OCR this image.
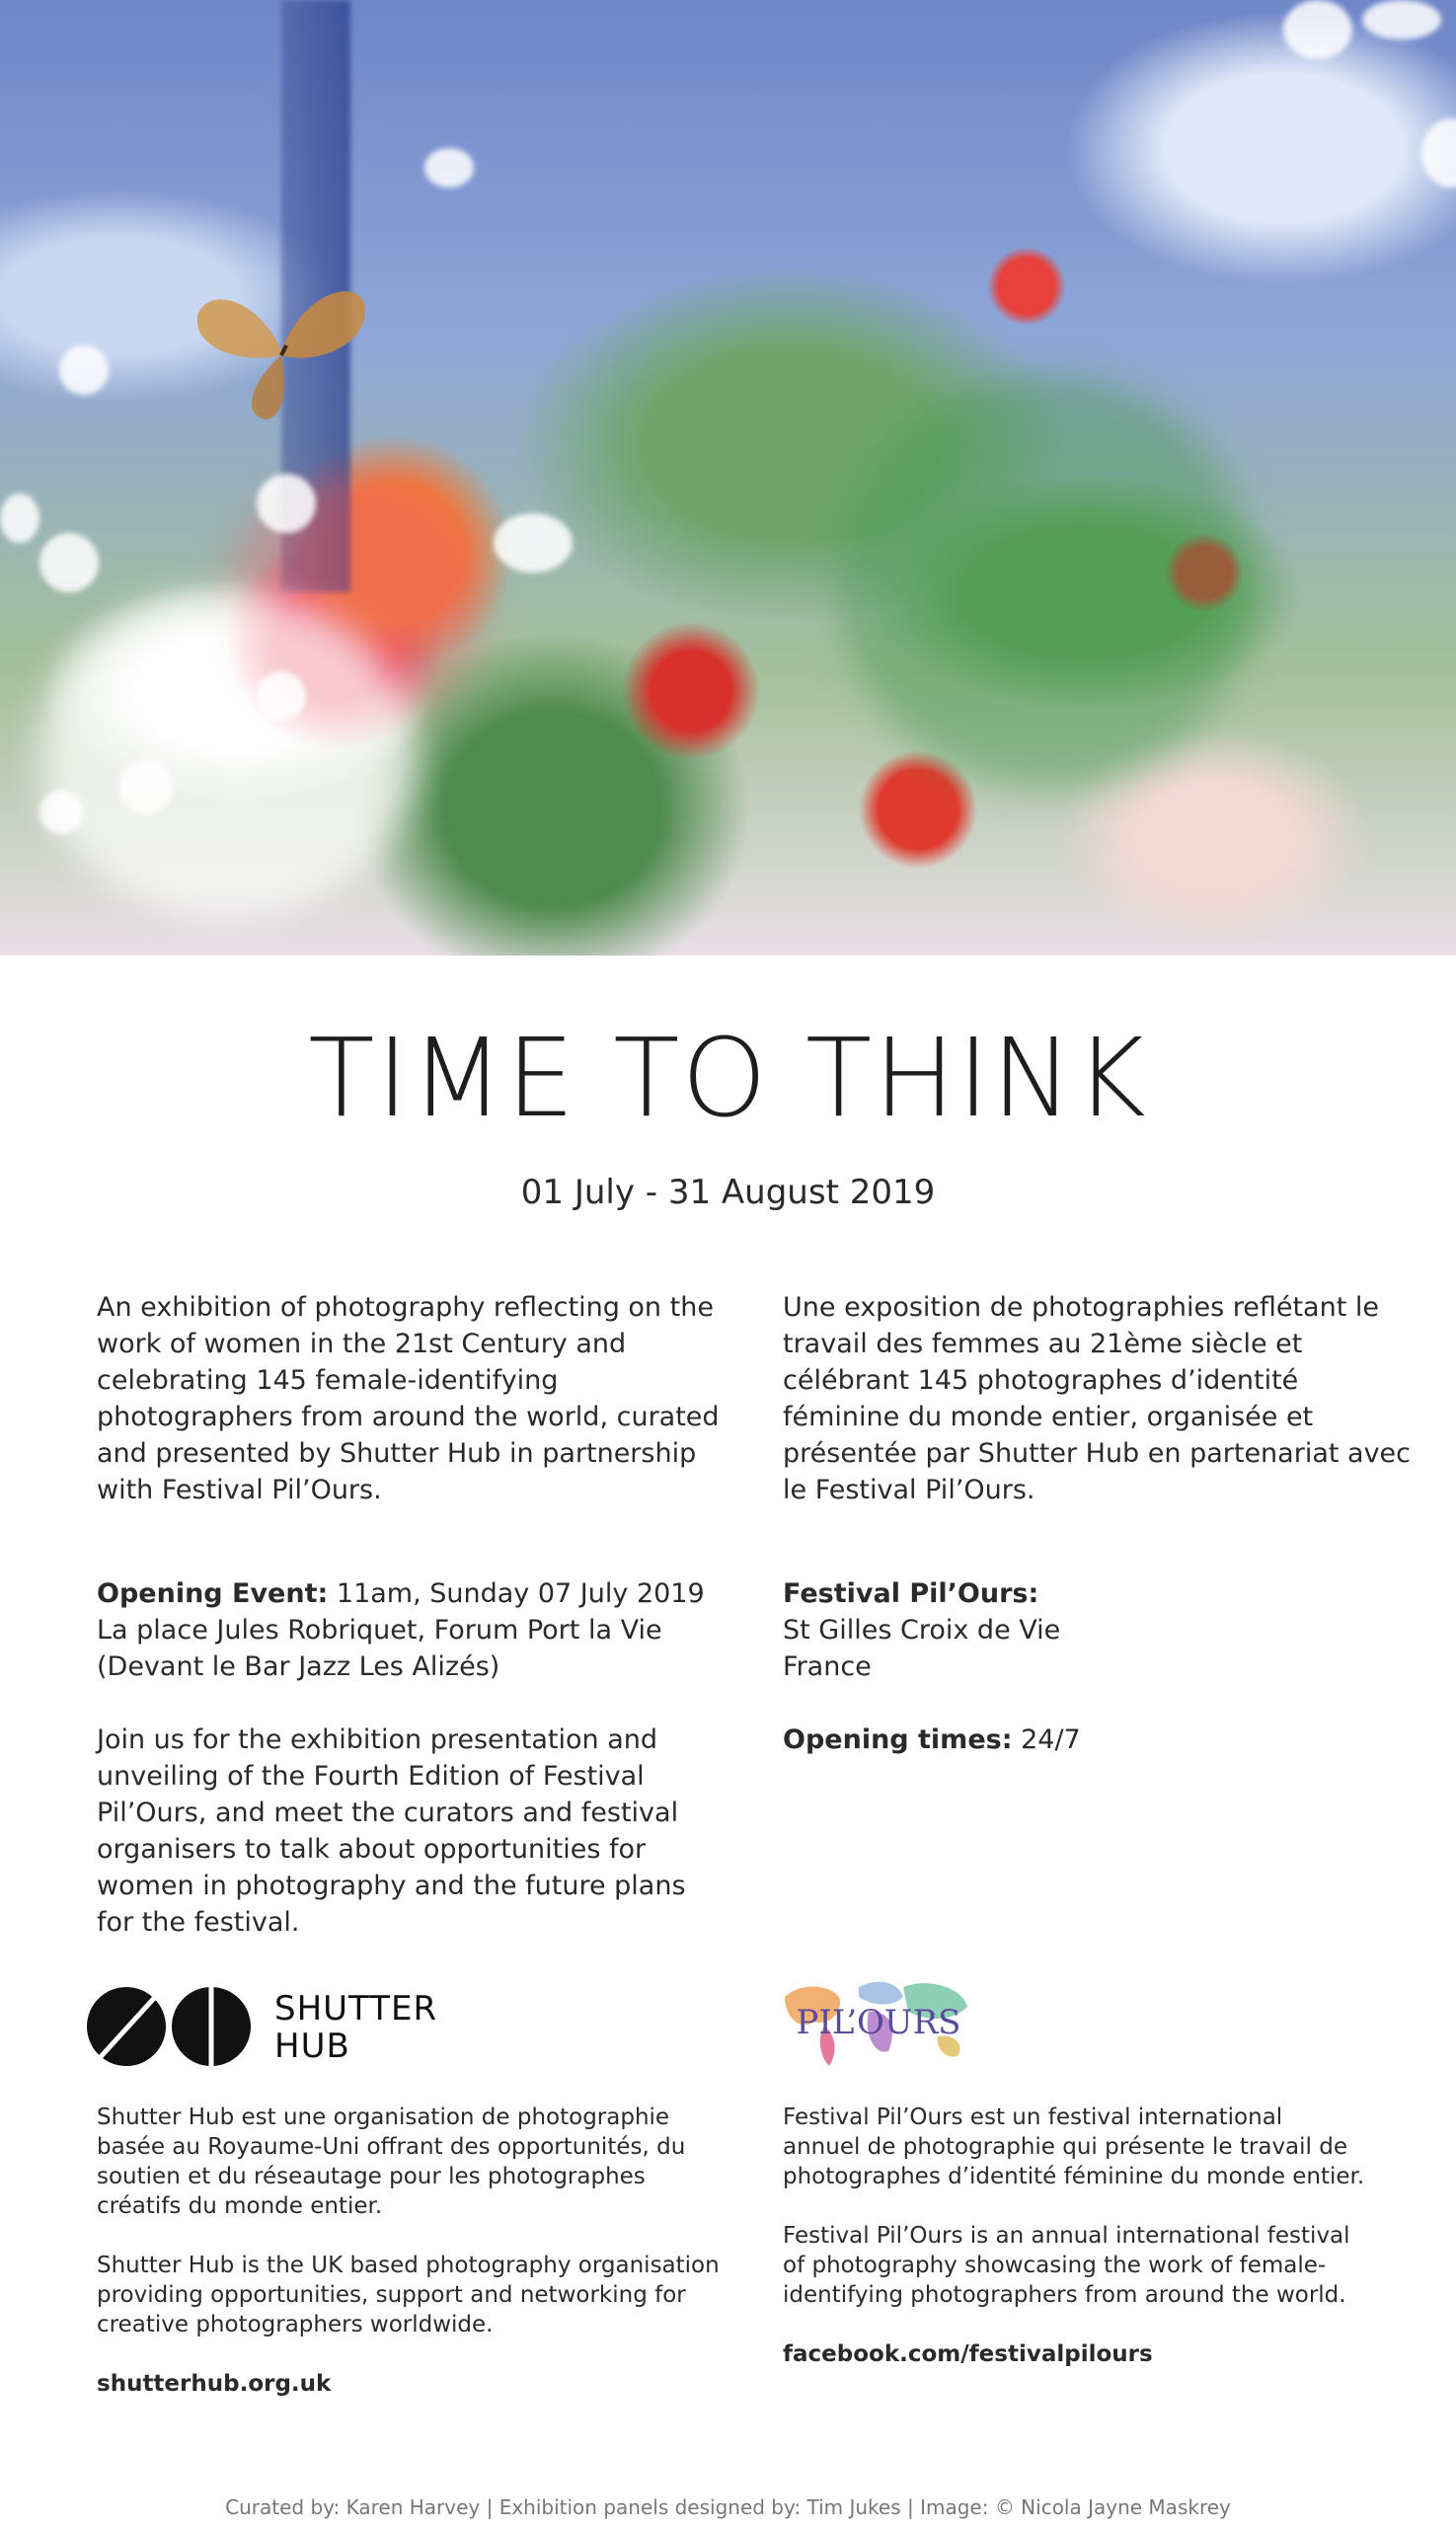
TIME TO THINK
01 July - 31 August 2019

An exhibition of photography reflecting on the work of women in the 21st Century and celebrating 145 female-identifying photographers from around the world, curated and presented by Shutter Hub in partnership with Festival Pil’Ours.

Une exposition de photographies reflétant le travail des femmes au 21ème siècle et célébrant 145 photographes d’identité féminine du monde entier, organisée et présentée par Shutter Hub en partenariat avec le Festival Pil’Ours.

Opening Event: 11am, Sunday 07 July 2019

La place Jules Robriquet, Forum Port la Vie

(Devant le Bar Jazz Les Alizés)

Join us for the exhibition presentation and unveiling of the Fourth Edition of Festival Pil’Ours, and meet the curators and festival organisers to talk about opportunities for women in photography and the future plans for the festival.

Festival Pil’Ours:

St Gilles Croix de Vie

France

Opening times: 24/7

SHUTTER
HUB
PIL’OURS

Shutter Hub est une organisation de photographie basée au Royaume-Uni offrant des opportunités, du soutien et du réseautage pour les photographes créatifs du monde entier.

Shutter Hub is the UK based photography organisation providing opportunities, support and networking for creative photographers worldwide.

shutterhub.org.uk

Festival Pil’Ours est un festival international annuel de photographie qui présente le travail de photographes d’identité féminine du monde entier.

Festival Pil’Ours is an annual international festival of photography showcasing the work of female-identifying photographers from around the world.

facebook.com/festivalpilours

Curated by: Karen Harvey | Exhibition panels designed by: Tim Jukes | Image: © Nicola Jayne Maskrey
